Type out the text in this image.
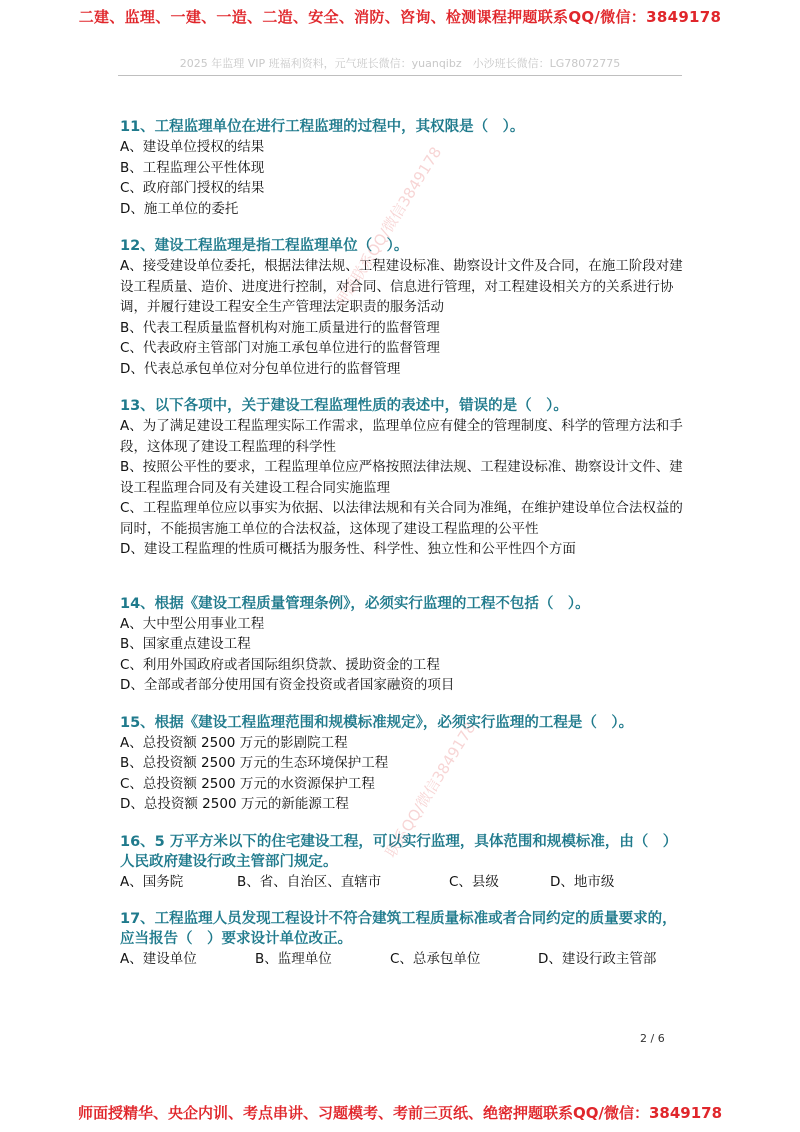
二建、监理、一建、一造、二造、安全、消防、咨询、检测课程押题联系QQ/微信：3849178
2025 年监理 VIP 班福利资料，元气班长微信：yuanqibz　小沙班长微信：LG78072775
11、工程监理单位在进行工程监理的过程中，其权限是（　）。
A、建设单位授权的结果
B、工程监理公平性体现
C、政府部门授权的结果
D、施工单位的委托
12、建设工程监理是指工程监理单位（　）。
A、接受建设单位委托，根据法律法规、工程建设标准、勘察设计文件及合同，在施工阶段对建设工程质量、造价、进度进行控制，对合同、信息进行管理，对工程建设相关方的关系进行协调，并履行建设工程安全生产管理法定职责的服务活动
B、代表工程质量监督机构对施工质量进行的监督管理
C、代表政府主管部门对施工承包单位进行的监督管理
D、代表总承包单位对分包单位进行的监督管理
13、以下各项中，关于建设工程监理性质的表述中，错误的是（　）。
A、为了满足建设工程监理实际工作需求，监理单位应有健全的管理制度、科学的管理方法和手段，这体现了建设工程监理的科学性
B、按照公平性的要求，工程监理单位应严格按照法律法规、工程建设标准、勘察设计文件、建设工程监理合同及有关建设工程合同实施监理
C、工程监理单位应以事实为依据、以法律法规和有关合同为准绳，在维护建设单位合法权益的同时，不能损害施工单位的合法权益，这体现了建设工程监理的公平性
D、建设工程监理的性质可概括为服务性、科学性、独立性和公平性四个方面
14、根据《建设工程质量管理条例》，必须实行监理的工程不包括（　）。
A、大中型公用事业工程
B、国家重点建设工程
C、利用外国政府或者国际组织贷款、援助资金的工程
D、全部或者部分使用国有资金投资或者国家融资的项目
15、根据《建设工程监理范围和规模标准规定》，必须实行监理的工程是（　）。
A、总投资额 2500 万元的影剧院工程
B、总投资额 2500 万元的生态环境保护工程
C、总投资额 2500 万元的水资源保护工程
D、总投资额 2500 万元的新能源工程
16、5 万平方米以下的住宅建设工程，可以实行监理，具体范围和规模标准，由（　）人民政府建设行政主管部门规定。
A、国务院	B、省、自治区、直辖市	C、县级	D、地市级
17、工程监理人员发现工程设计不符合建筑工程质量标准或者合同约定的质量要求的，应当报告（　）要求设计单位改正。
A、建设单位	B、监理单位	C、总承包单位	D、建设行政主管部
押题联系QQ/微信3849178
联系QQ/微信3849178
2 / 6
师面授精华、央企内训、考点串讲、习题模考、考前三页纸、绝密押题联系QQ/微信：3849178
